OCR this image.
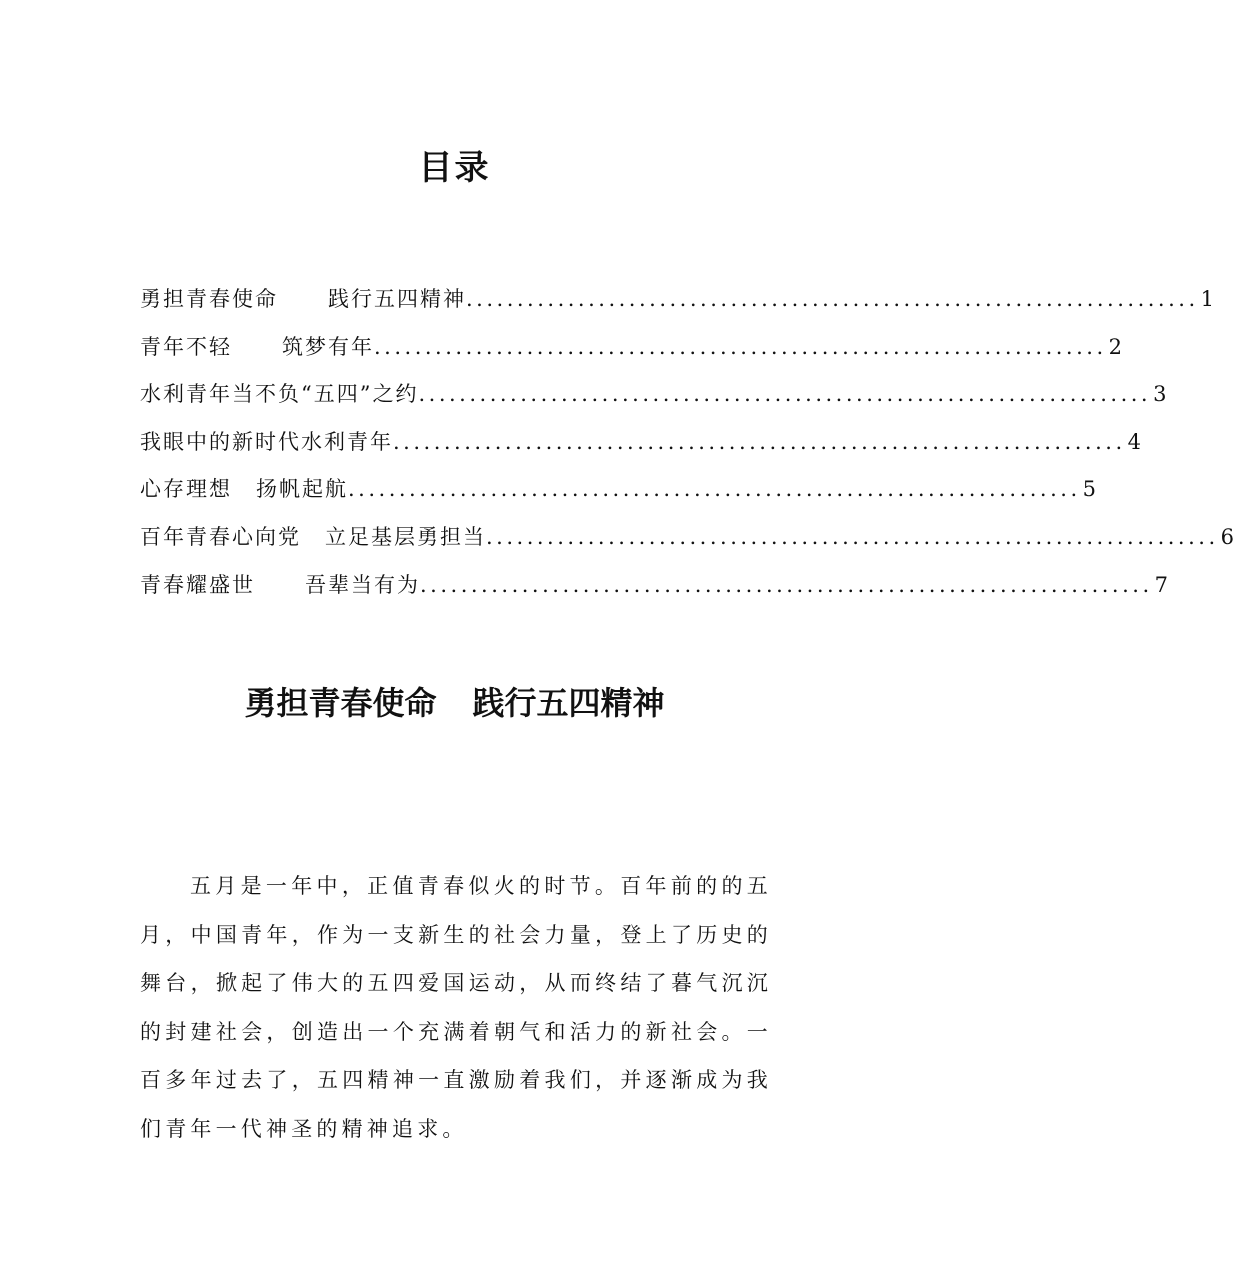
目录
勇担青春使命 践行五四精神 ........................................................................ 1
青年不轻 筑梦有年 ........................................................................ 2
水利青年当不负“五四”之约 ........................................................................ 3
我眼中的新时代水利青年 ........................................................................ 4
心存理想 扬帆起航 ........................................................................ 5
百年青春心向党 立足基层勇担当 ........................................................................ 6
青春耀盛世 吾辈当有为 ........................................................................ 7
勇担青春使命 践行五四精神

五月是一年中，正值青春似火的时节。百年前的的五月，中国青年，作为一支新生的社会力量，登上了历史的舞台，掀起了伟大的五四爱国运动，从而终结了暮气沉沉的封建社会，创造出一个充满着朝气和活力的新社会。一百多年过去了，五四精神一直激励着我们，并逐渐成为我们青年一代神圣的精神追求。
